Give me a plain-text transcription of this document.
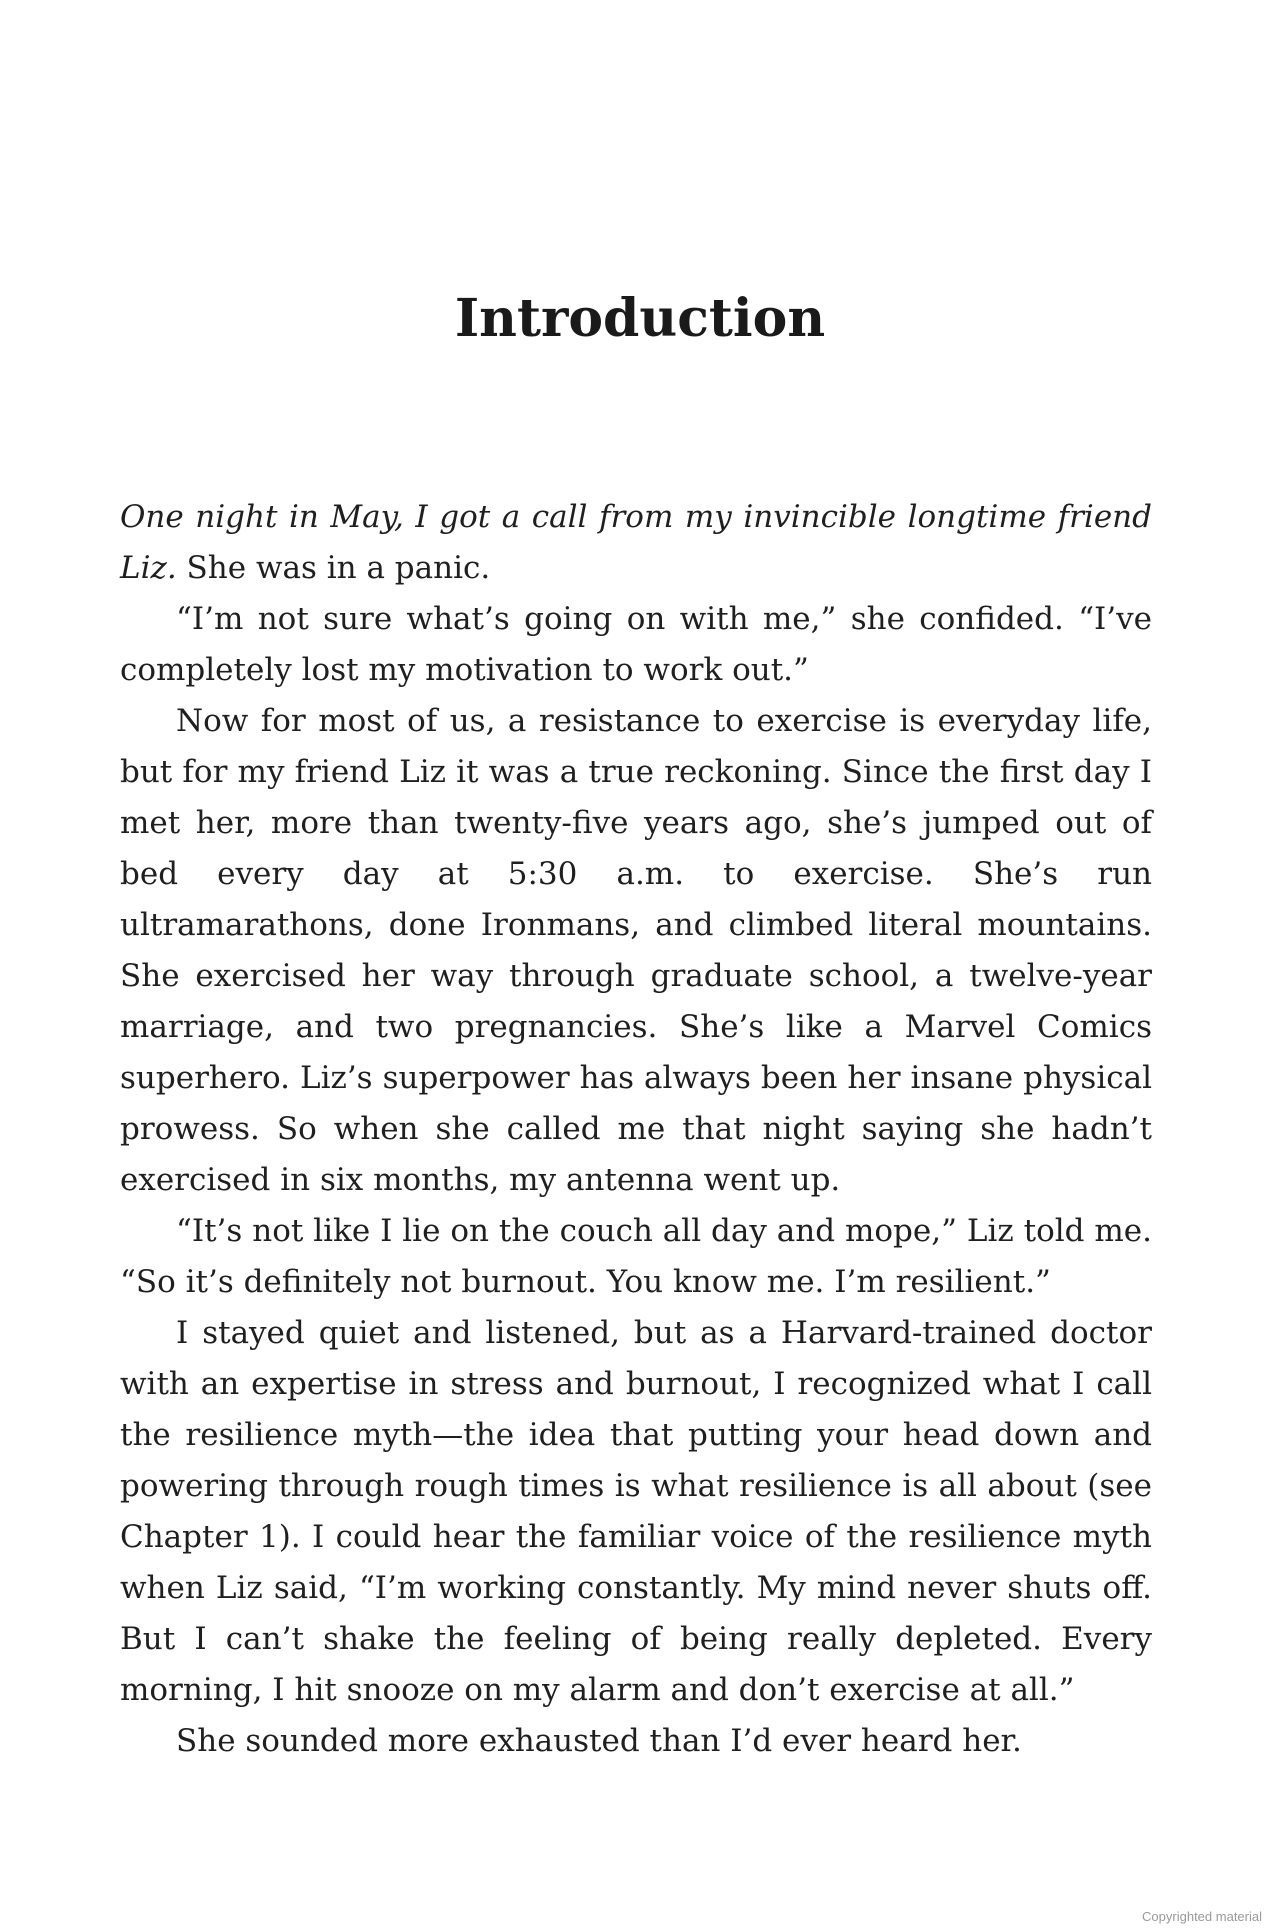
Introduction

One night in May, I got a call from my invincible longtime friend Liz. She was in a panic.

“I’m not sure what’s going on with me,” she confided. “I’ve completely lost my motivation to work out.”

Now for most of us, a resistance to exercise is everyday life, but for my friend Liz it was a true reckoning. Since the first day I met her, more than twenty-five years ago, she’s jumped out of bed every day at 5:30 a.m. to exercise. She’s run ultramarathons, done Ironmans, and climbed literal mountains. She exercised her way through graduate school, a twelve-year marriage, and two pregnancies. She’s like a Marvel Comics superhero. Liz’s superpower has always been her insane physical prowess. So when she called me that night saying she hadn’t exercised in six months, my antenna went up.

“It’s not like I lie on the couch all day and mope,” Liz told me. “So it’s definitely not burnout. You know me. I’m resilient.”

I stayed quiet and listened, but as a Harvard-trained doctor with an expertise in stress and burnout, I recognized what I call the resilience myth—the idea that putting your head down and powering through rough times is what resilience is all about (see Chapter 1). I could hear the familiar voice of the resilience myth when Liz said, “I’m working constantly. My mind never shuts off. But I can’t shake the feeling of being really depleted. Every morning, I hit snooze on my alarm and don’t exercise at all.”

She sounded more exhausted than I’d ever heard her.

Copyrighted material
